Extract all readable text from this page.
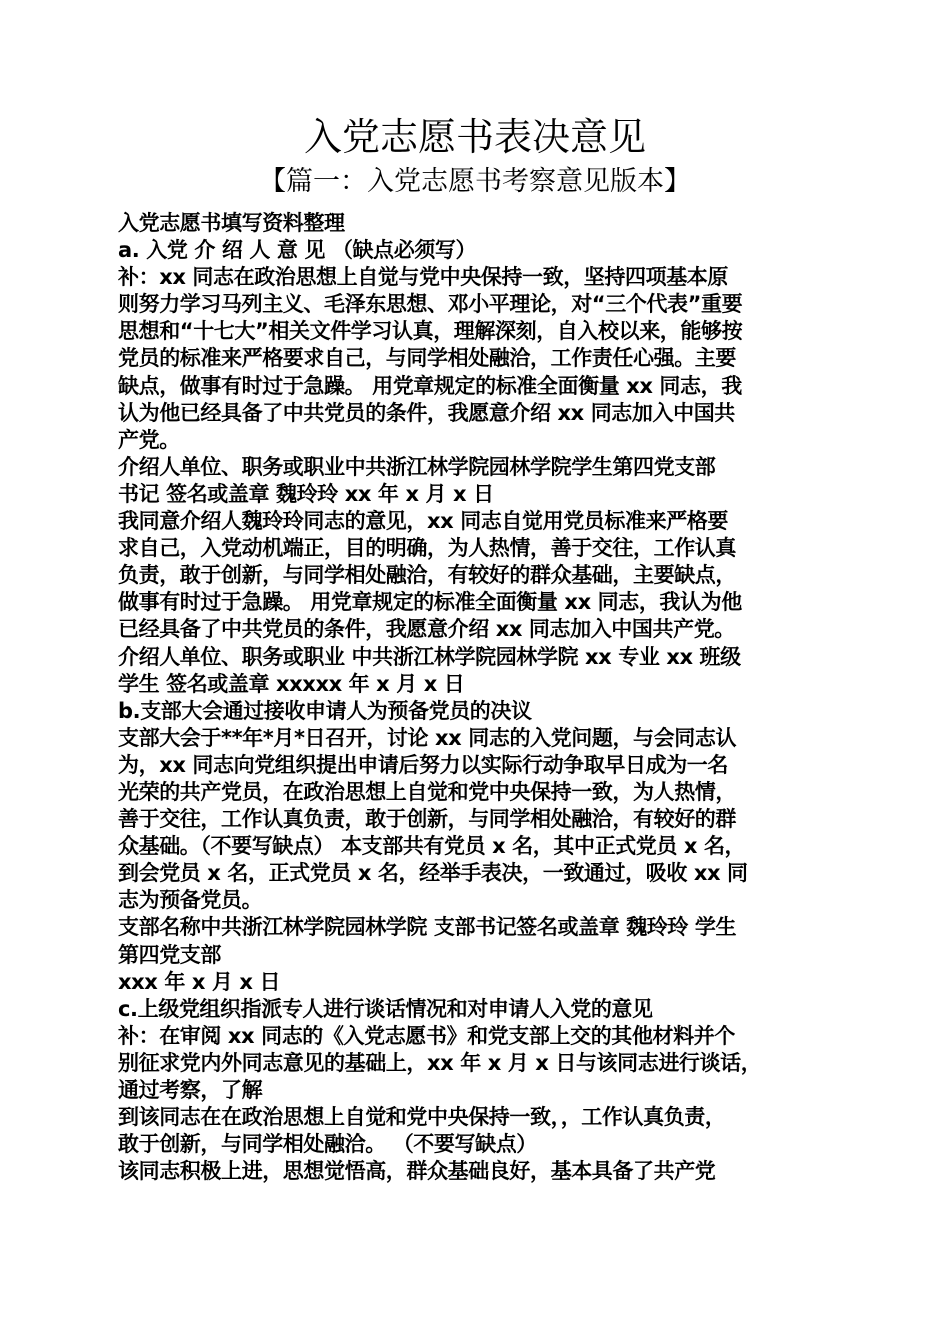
入党志愿书表决意见
【篇一：入党志愿书考察意见版本】
入党志愿书填写资料整理
a. 入党 介 绍 人 意 见 （缺点必须写）
补：xx 同志在政治思想上自觉与党中央保持一致，坚持四项基本原
则努力学习马列主义、毛泽东思想、邓小平理论，对“三个代表”重要
思想和“十七大”相关文件学习认真，理解深刻，自入校以来，能够按
党员的标准来严格要求自己，与同学相处融洽，工作责任心强。主要
缺点，做事有时过于急躁。 用党章规定的标准全面衡量 xx 同志，我
认为他已经具备了中共党员的条件，我愿意介绍 xx 同志加入中国共
产党。
介绍人单位、职务或职业中共浙江林学院园林学院学生第四党支部
书记 签名或盖章 魏玲玲 xx 年 x 月 x 日
我同意介绍人魏玲玲同志的意见，xx 同志自觉用党员标准来严格要
求自己，入党动机端正，目的明确，为人热情，善于交往，工作认真
负责，敢于创新，与同学相处融洽，有较好的群众基础，主要缺点，
做事有时过于急躁。 用党章规定的标准全面衡量 xx 同志，我认为他
已经具备了中共党员的条件，我愿意介绍 xx 同志加入中国共产党。
介绍人单位、职务或职业 中共浙江林学院园林学院 xx 专业 xx 班级
学生 签名或盖章 xxxxx 年 x 月 x 日
b.支部大会通过接收申请人为预备党员的决议
支部大会于**年*月*日召开，讨论 xx 同志的入党问题，与会同志认
为，xx 同志向党组织提出申请后努力以实际行动争取早日成为一名
光荣的共产党员，在政治思想上自觉和党中央保持一致，为人热情，
善于交往，工作认真负责，敢于创新，与同学相处融洽，有较好的群
众基础。（不要写缺点） 本支部共有党员 x 名，其中正式党员 x 名，
到会党员 x 名，正式党员 x 名，经举手表决，一致通过，吸收 xx 同
志为预备党员。
支部名称中共浙江林学院园林学院 支部书记签名或盖章 魏玲玲 学生
第四党支部
xxx 年 x 月 x 日
c.上级党组织指派专人进行谈话情况和对申请人入党的意见
补：在审阅 xx 同志的《入党志愿书》和党支部上交的其他材料并个
别征求党内外同志意见的基础上，xx 年 x 月 x 日与该同志进行谈话，
通过考察，了解
到该同志在在政治思想上自觉和党中央保持一致，，工作认真负责，
敢于创新，与同学相处融洽。 （不要写缺点）
该同志积极上进，思想觉悟高，群众基础良好，基本具备了共产党
